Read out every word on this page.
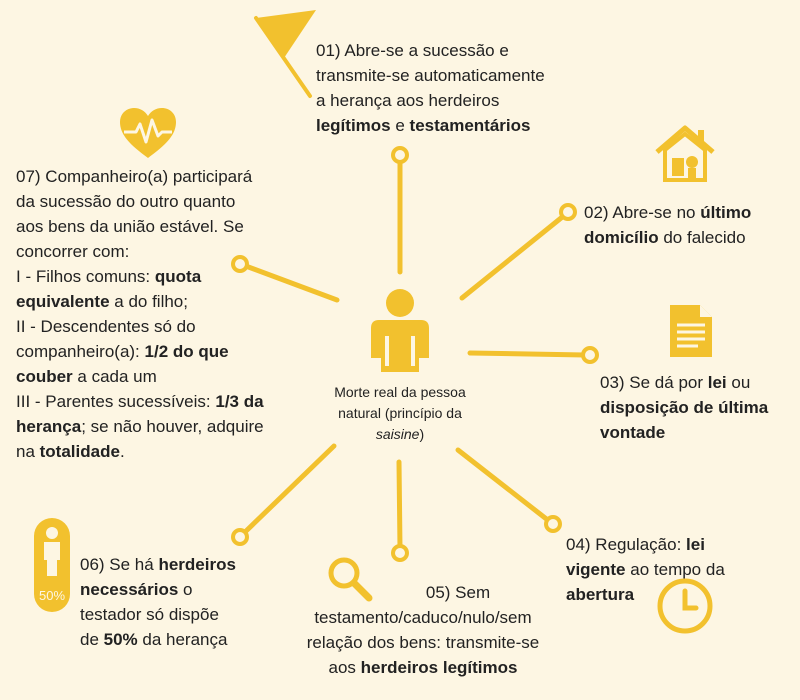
Morte real da pessoa
natural (princípio da
saisine)
01) Abre-se a sucessão e
transmite-se automaticamente
a herança aos herdeiros
legítimos e testamentários
02) Abre-se no último
domicílio do falecido
03) Se dá por lei ou
disposição de última
vontade
04) Regulação: lei
vigente ao tempo da
abertura
05) Sem
testamento/caduco/nulo/sem
relação dos bens: transmite-se
aos herdeiros legítimos
50%
06) Se há herdeiros
necessários o
testador só dispõe
de 50% da herança
07) Companheiro(a) participará
da sucessão do outro quanto
aos bens da união estável. Se
concorrer com:
I - Filhos comuns: quota
equivalente a do filho;
II - Descendentes só do
companheiro(a): 1/2 do que
couber a cada um
III - Parentes sucessíveis: 1/3 da
herança; se não houver, adquire
na totalidade.
